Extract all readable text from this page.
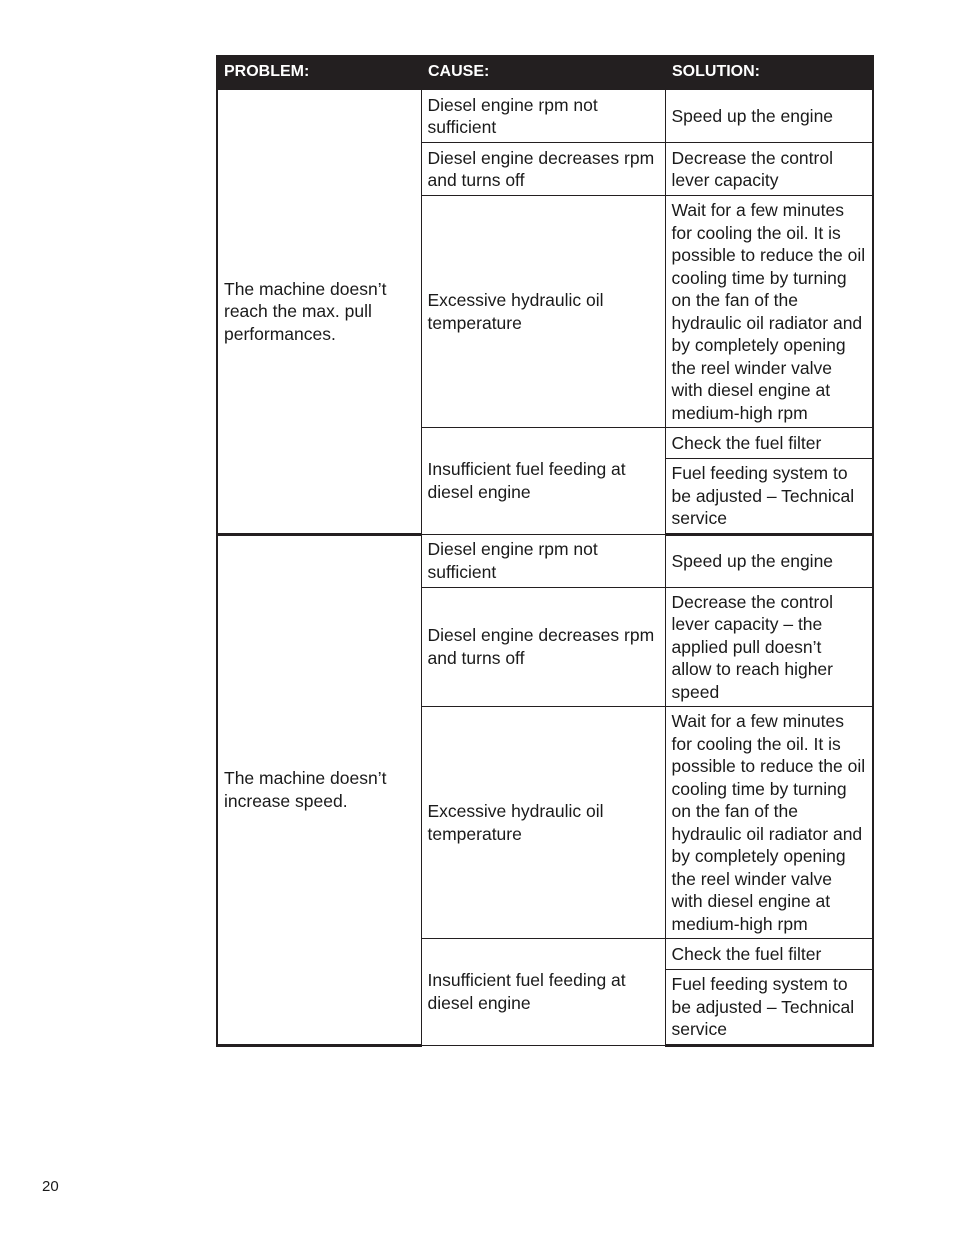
PROBLEM:	CAUSE:	SOLUTION:
The machine doesn’t reach the max. pull performances.	Diesel engine rpm not sufficient	Speed up the engine
	Diesel engine decreases rpm and turns off	Decrease the control lever capacity
	Excessive hydraulic oil temperature	Wait for a few minutes for cooling the oil. It is possible to reduce the oil cooling time by turning on the fan of the hydraulic oil radiator and by completely opening the reel winder valve with diesel engine at medium-high rpm
	Insufficient fuel feeding at diesel engine	Check the fuel filter
		Fuel feeding system to be adjusted – Technical service
The machine doesn’t increase speed.	Diesel engine rpm not sufficient	Speed up the engine
	Diesel engine decreases rpm and turns off	Decrease the control lever capacity – the applied pull doesn’t allow to reach higher speed
	Excessive hydraulic oil temperature	Wait for a few minutes for cooling the oil. It is possible to reduce the oil cooling time by turning on the fan of the hydraulic oil radiator and by completely opening the reel winder valve with diesel engine at medium-high rpm
	Insufficient fuel feeding at diesel engine	Check the fuel filter
		Fuel feeding system to be adjusted – Technical service
20
